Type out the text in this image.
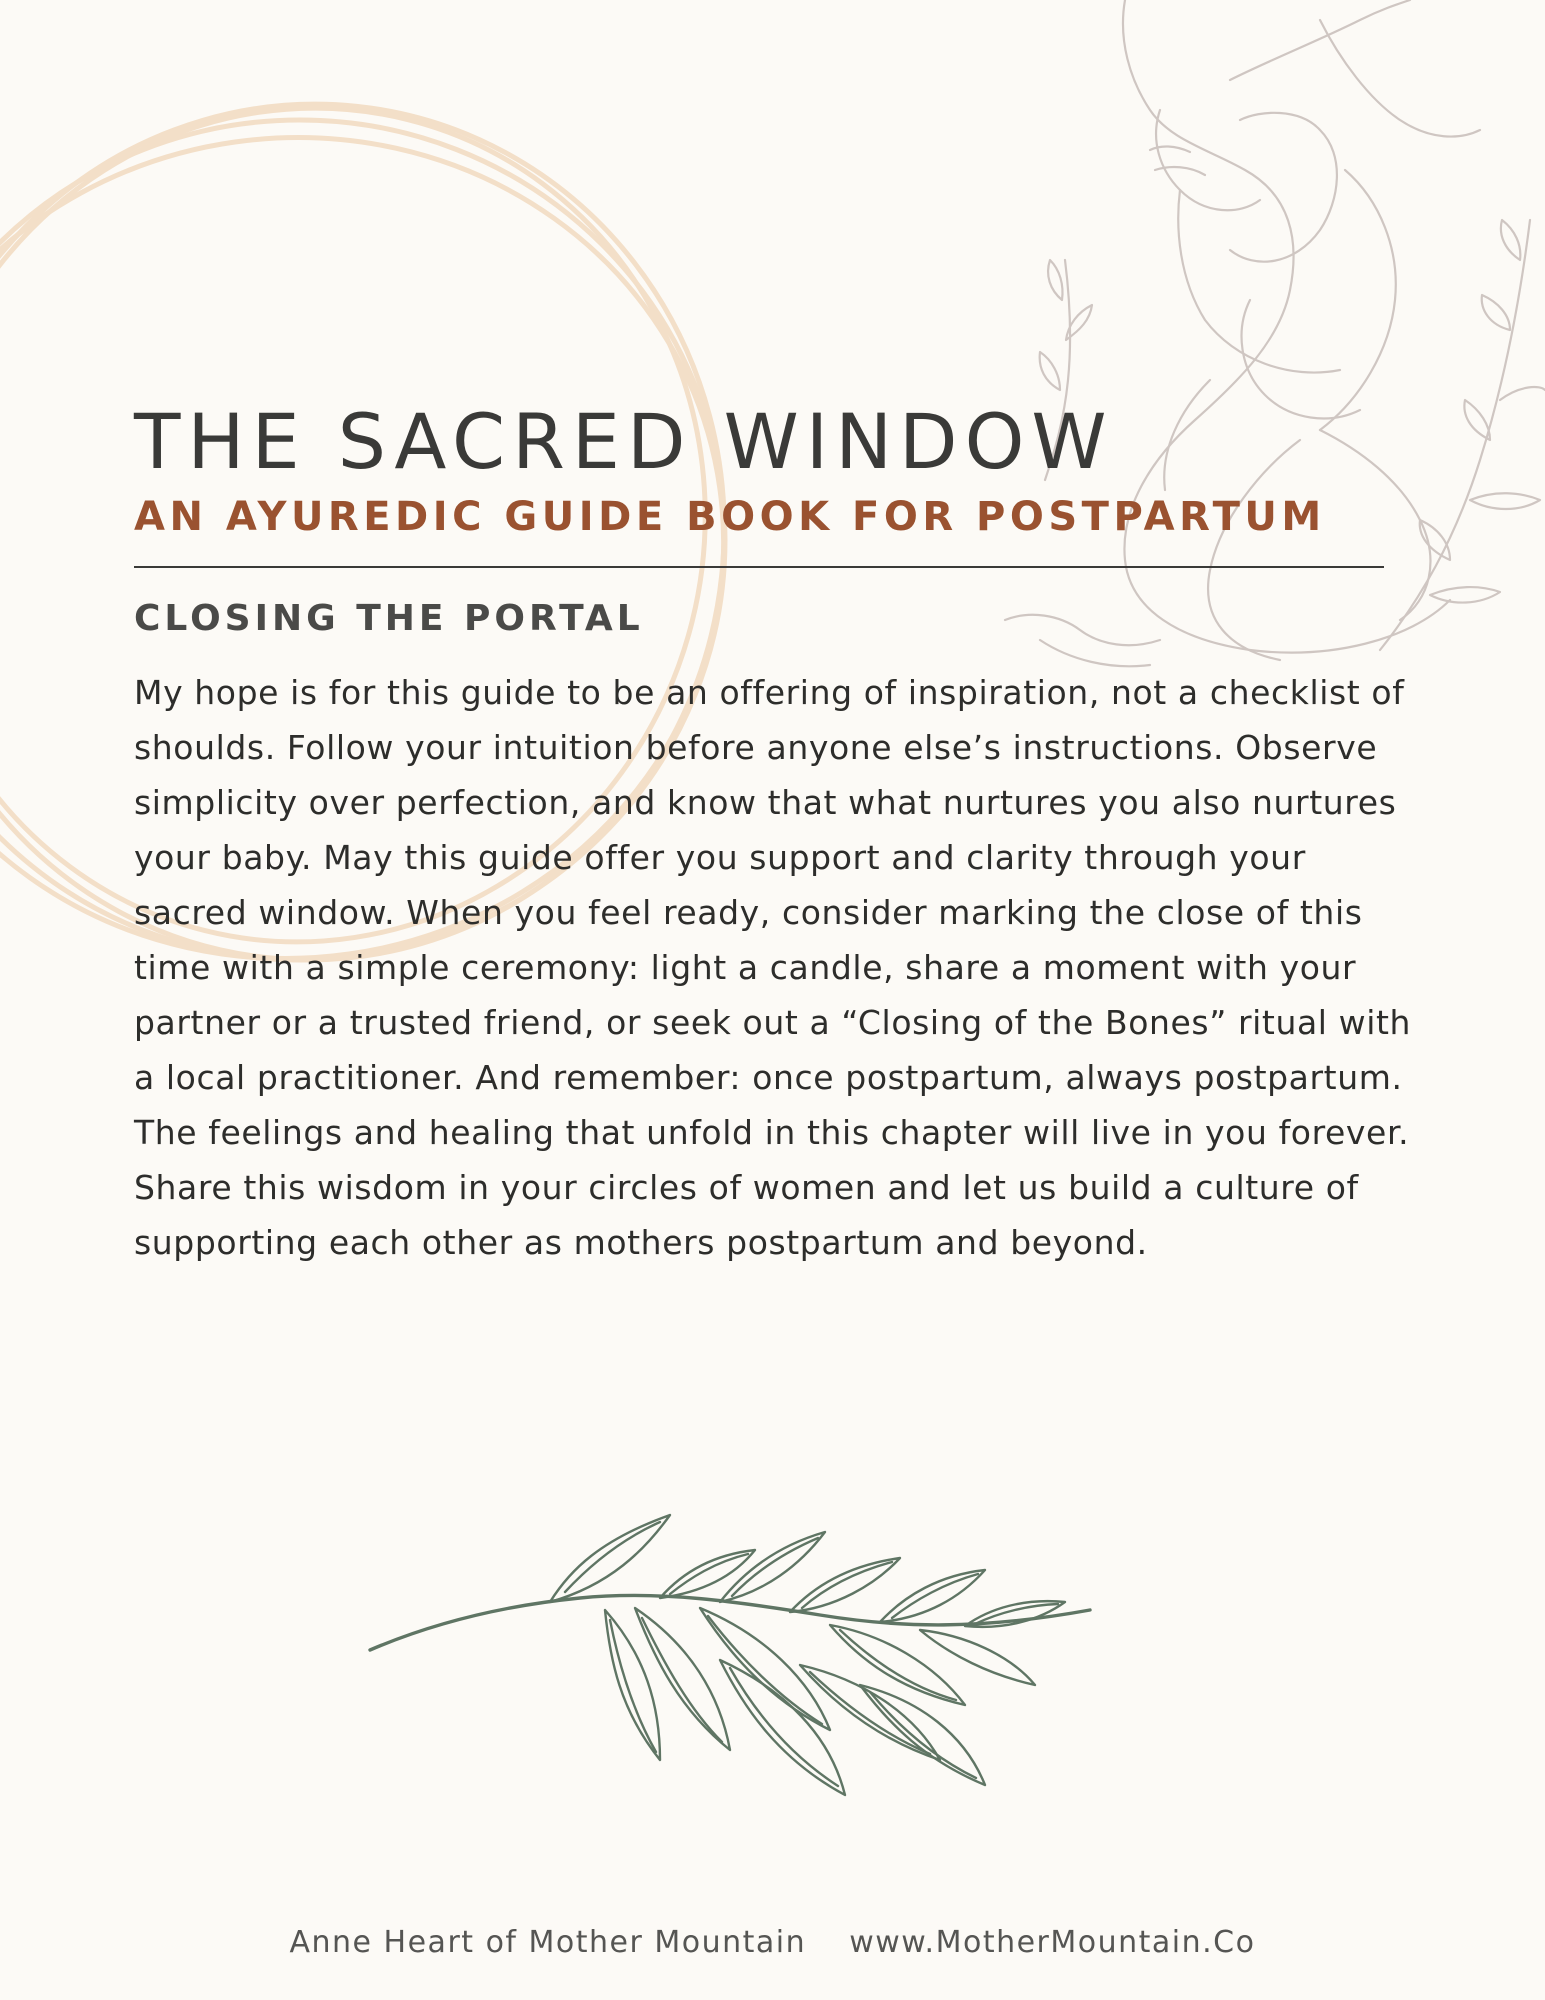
THE SACRED WINDOW
AN AYUREDIC GUIDE BOOK FOR POSTPARTUM
CLOSING THE PORTAL

My hope is for this guide to be an offering of inspiration, not a checklist of shoulds. Follow your intuition before anyone else’s instructions. Observe simplicity over perfection, and know that what nurtures you also nurtures your baby. May this guide offer you support and clarity through your sacred window. When you feel ready, consider marking the close of this time with a simple ceremony: light a candle, share a moment with your partner or a trusted friend, or seek out a “Closing of the Bones” ritual with a local practitioner. And remember: once postpartum, always postpartum. The feelings and healing that unfold in this chapter will live in you forever. Share this wisdom in your circles of women and let us build a culture of supporting each other as mothers postpartum and beyond.

Anne Heart of Mother Mountain www.MotherMountain.Co
